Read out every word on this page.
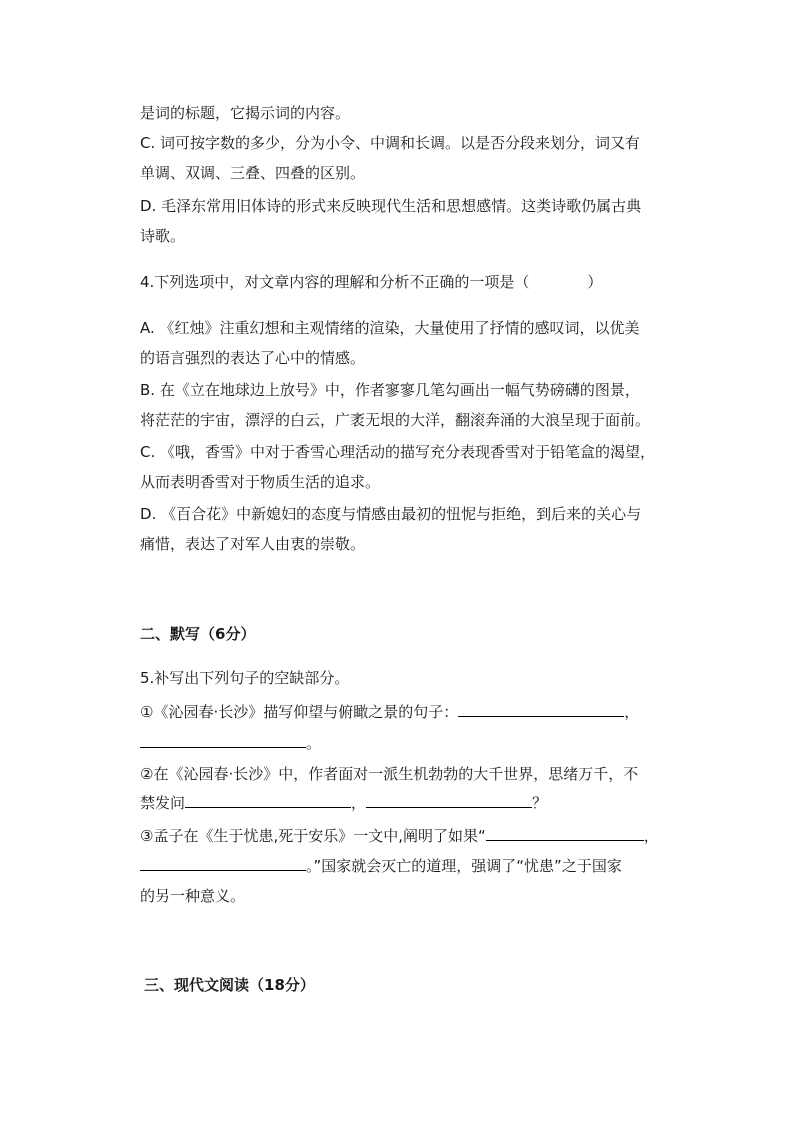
是词的标题，它揭示词的内容。
C. 词可按字数的多少，分为小令、中调和长调。以是否分段来划分，词又有
单调、双调、三叠、四叠的区别。
D. 毛泽东常用旧体诗的形式来反映现代生活和思想感情。这类诗歌仍属古典
诗歌。
4.下列选项中，对文章内容的理解和分析不正确的一项是（	）
A. 《红烛》注重幻想和主观情绪的渲染，大量使用了抒情的感叹词，以优美
的语言强烈的表达了心中的情感。
B. 在《立在地球边上放号》中，作者寥寥几笔勾画出一幅气势磅礴的图景，
将茫茫的宇宙，漂浮的白云，广袤无垠的大洋，翻滚奔涌的大浪呈现于面前。
C. 《哦，香雪》中对于香雪心理活动的描写充分表现香雪对于铅笔盒的渴望，
从而表明香雪对于物质生活的追求。
D. 《百合花》中新媳妇的态度与情感由最初的忸怩与拒绝，到后来的关心与
痛惜，表达了对军人由衷的崇敬。
二、默写（6分）
5.补写出下列句子的空缺部分。
①《沁园春·长沙》描写仰望与俯瞰之景的句子：	，
。
②在《沁园春·长沙》中，作者面对一派生机勃勃的大千世界，思绪万千，不
禁发问	，	？
③孟子在《生于忧患,死于安乐》一文中,阐明了如果“	，
。”国家就会灭亡的道理，强调了“忧患”之于国家
的另一种意义。
三、现代文阅读（18分）
